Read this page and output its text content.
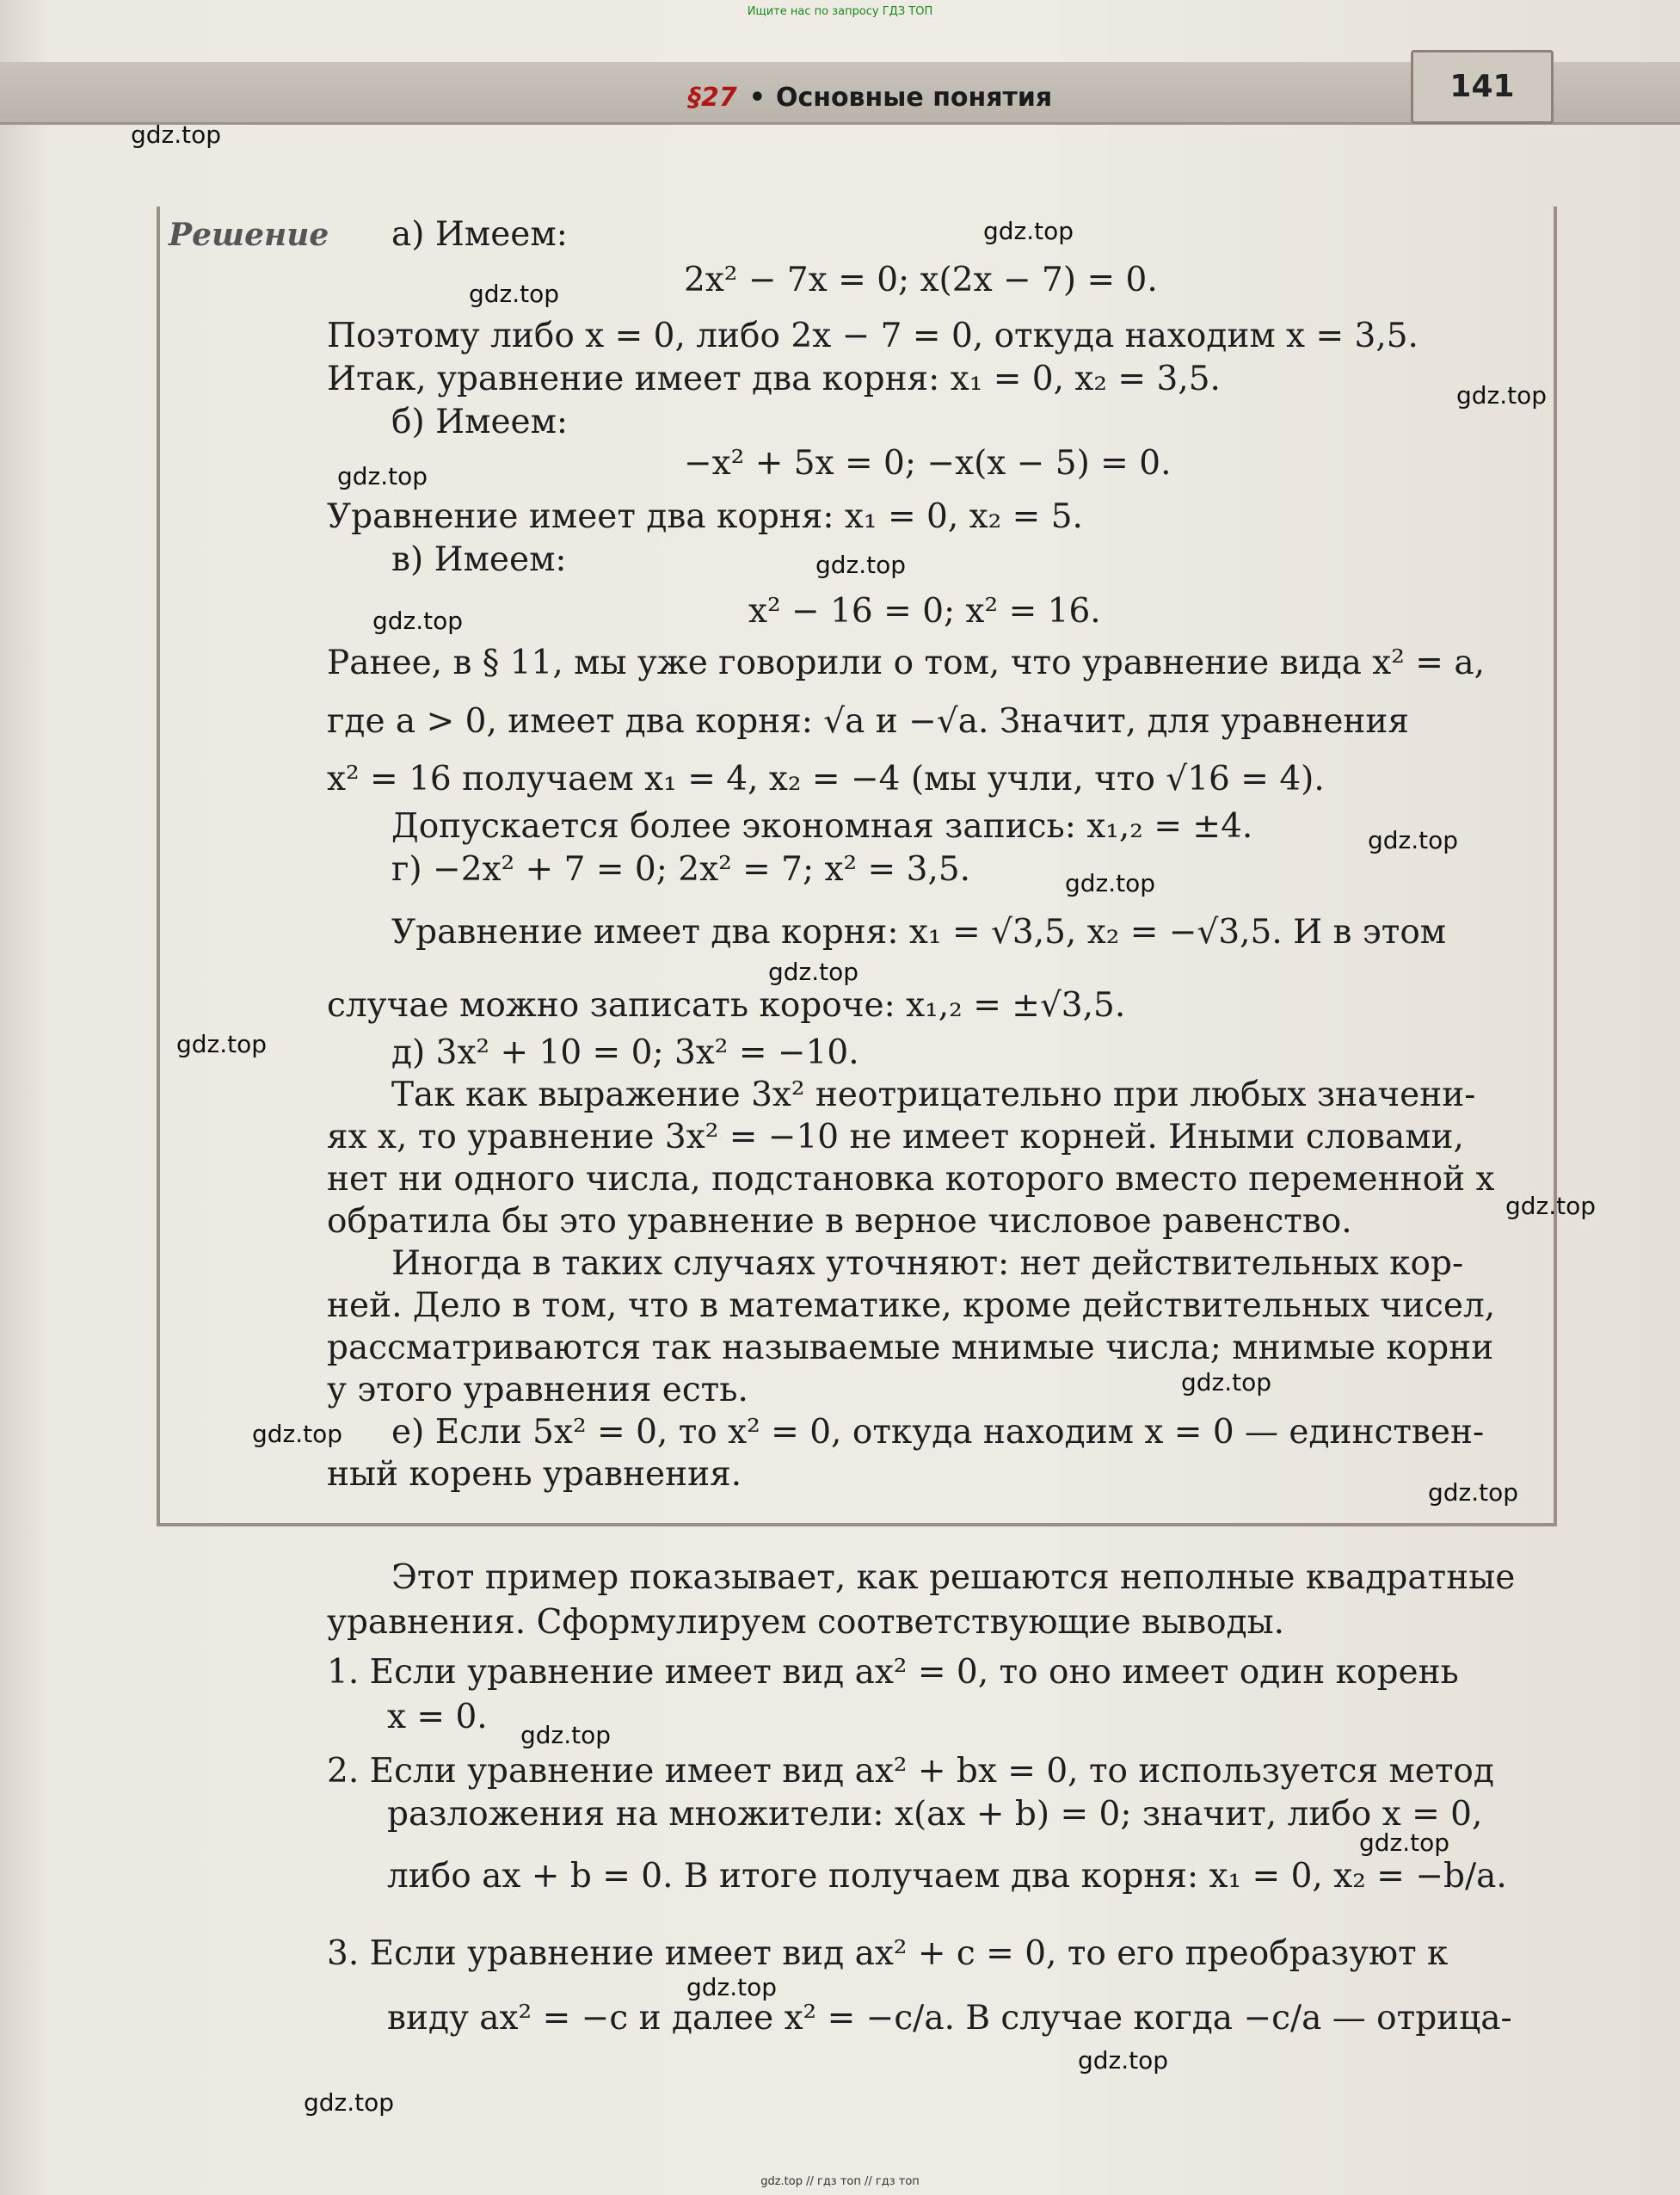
Ищите нас по запросу ГДЗ ТОП
§27 • Основные понятия	141
Решение а) Имеем:
2x² − 7x = 0; x(2x − 7) = 0.
Поэтому либо x = 0, либо 2x − 7 = 0, откуда находим x = 3,5.
Итак, уравнение имеет два корня: x₁ = 0, x₂ = 3,5.
б) Имеем:
−x² + 5x = 0; −x(x − 5) = 0.
Уравнение имеет два корня: x₁ = 0, x₂ = 5.
в) Имеем:
x² − 16 = 0; x² = 16.
Ранее, в § 11, мы уже говорили о том, что уравнение вида x² = a,
где a > 0, имеет два корня: √a и −√a. Значит, для уравнения
x² = 16 получаем x₁ = 4, x₂ = −4 (мы учли, что √16 = 4).
Допускается более экономная запись: x₁,₂ = ±4.
г) −2x² + 7 = 0; 2x² = 7; x² = 3,5.
Уравнение имеет два корня: x₁ = √3,5, x₂ = −√3,5. И в этом
случае можно записать короче: x₁,₂ = ±√3,5.
д) 3x² + 10 = 0; 3x² = −10.
Так как выражение 3x² неотрицательно при любых значени-
ях x, то уравнение 3x² = −10 не имеет корней. Иными словами,
нет ни одного числа, подстановка которого вместо переменной x
обратила бы это уравнение в верное числовое равенство.
Иногда в таких случаях уточняют: нет действительных кор-
ней. Дело в том, что в математике, кроме действительных чисел,
рассматриваются так называемые мнимые числа; мнимые корни
у этого уравнения есть.
е) Если 5x² = 0, то x² = 0, откуда находим x = 0 — единствен-
ный корень уравнения.
Этот пример показывает, как решаются неполные квадратные
уравнения. Сформулируем соответствующие выводы.
1. Если уравнение имеет вид ax² = 0, то оно имеет один корень
x = 0.
2. Если уравнение имеет вид ax² + bx = 0, то используется метод
разложения на множители: x(ax + b) = 0; значит, либо x = 0,
либо ax + b = 0. В итоге получаем два корня: x₁ = 0, x₂ = −b/a.
3. Если уравнение имеет вид ax² + c = 0, то его преобразуют к
виду ax² = −c и далее x² = −c/a. В случае когда −c/a — отрица-
gdz.top
gdz.top
gdz.top
gdz.top
gdz.top
gdz.top
gdz.top
gdz.top
gdz.top
gdz.top
gdz.top
gdz.top
gdz.top
gdz.top
gdz.top
gdz.top
gdz.top
gdz.top
gdz.top
gdz.top
gdz.top // гдз топ // гдз топ
